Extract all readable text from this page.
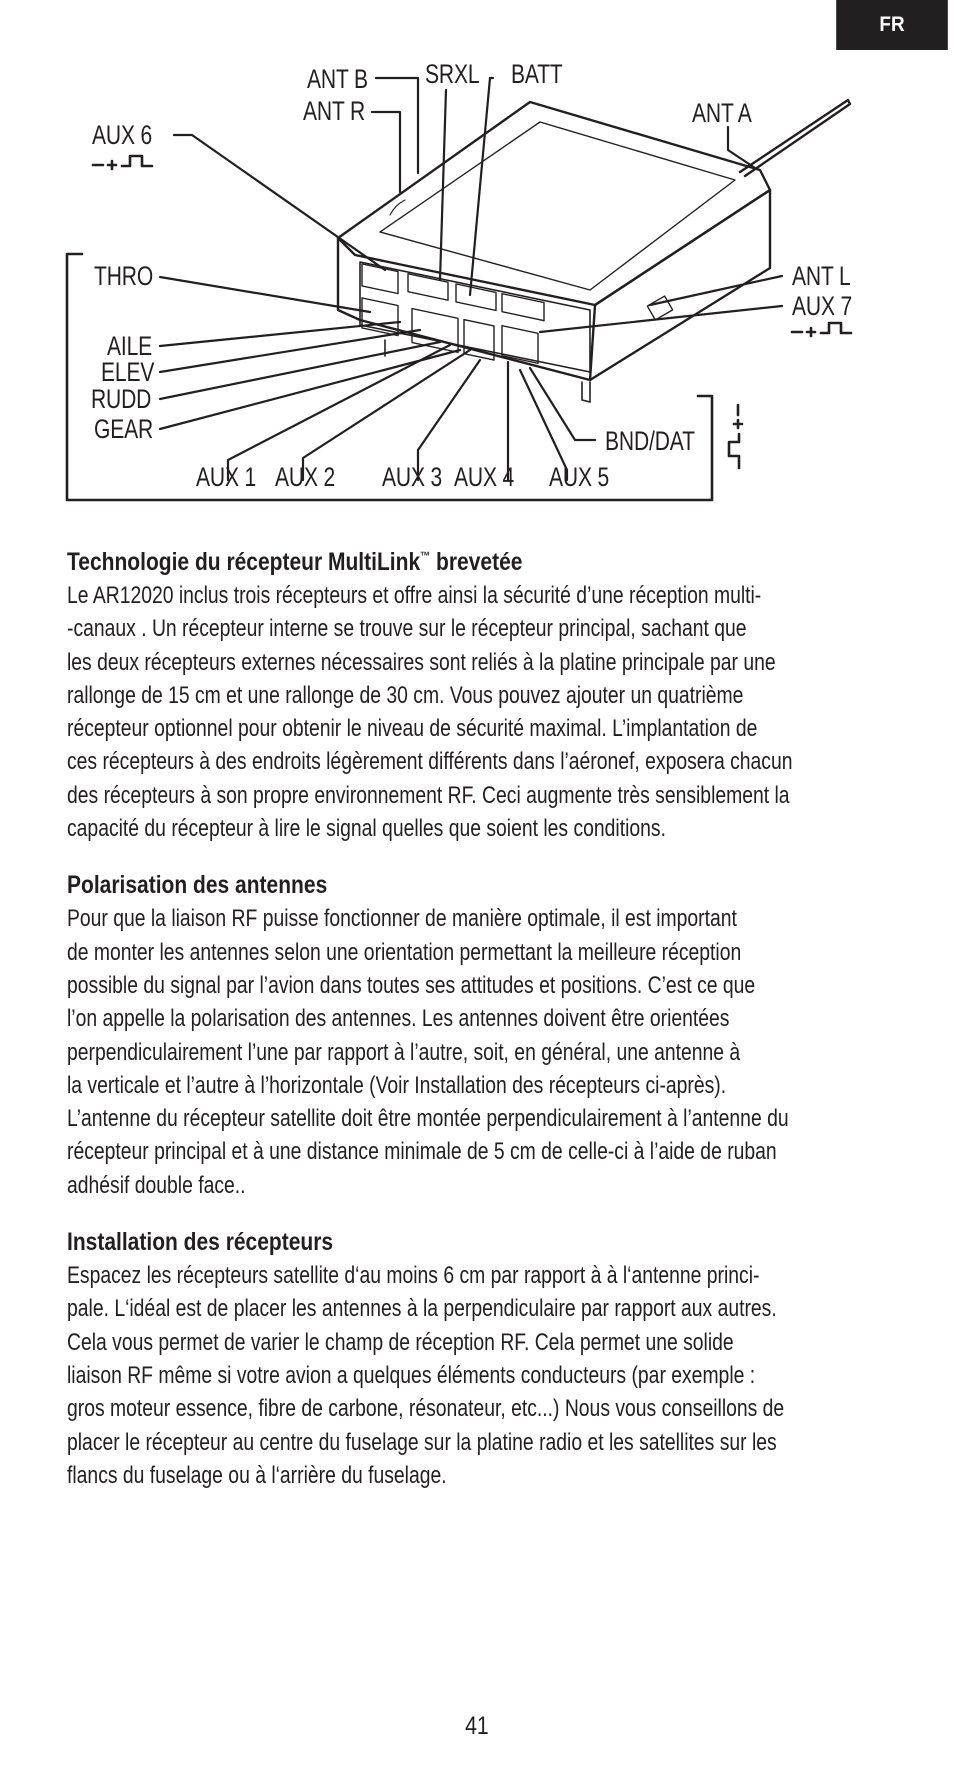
FR
ANT B
ANT R
SRXL BATT
ANT A
AUX 6
THRO
AILE
ELEV
RUDD
GEAR
ANT L
AUX 7
BND/DAT
AUX 1 AUX 2 AUX 3 AUX 4 AUX 5
Technologie du récepteur MultiLink™ brevetée
Le AR12020 inclus trois récepteurs et offre ainsi la sécurité d’une réception multi-
-canaux . Un récepteur interne se trouve sur le récepteur principal, sachant que
les deux récepteurs externes nécessaires sont reliés à la platine principale par une
rallonge de 15 cm et une rallonge de 30 cm. Vous pouvez ajouter un quatrième
récepteur optionnel pour obtenir le niveau de sécurité maximal. L’implantation de
ces récepteurs à des endroits légèrement différents dans l’aéronef, exposera chacun
des récepteurs à son propre environnement RF. Ceci augmente très sensiblement la
capacité du récepteur à lire le signal quelles que soient les conditions.
Polarisation des antennes
Pour que la liaison RF puisse fonctionner de manière optimale, il est important
de monter les antennes selon une orientation permettant la meilleure réception
possible du signal par l’avion dans toutes ses attitudes et positions. C’est ce que
l’on appelle la polarisation des antennes. Les antennes doivent être orientées
perpendiculairement l’une par rapport à l’autre, soit, en général, une antenne à
la verticale et l’autre à l’horizontale (Voir Installation des récepteurs ci-après).
L’antenne du récepteur satellite doit être montée perpendiculairement à l’antenne du
récepteur principal et à une distance minimale de 5 cm de celle-ci à l’aide de ruban
adhésif double face..
Installation des récepteurs
Espacez les récepteurs satellite d‘au moins 6 cm par rapport à à l‘antenne princi-
pale. L‘idéal est de placer les antennes à la perpendiculaire par rapport aux autres.
Cela vous permet de varier le champ de réception RF. Cela permet une solide
liaison RF même si votre avion a quelques éléments conducteurs (par exemple :
gros moteur essence, fibre de carbone, résonateur, etc...) Nous vous conseillons de
placer le récepteur au centre du fuselage sur la platine radio et les satellites sur les
flancs du fuselage ou à l‘arrière du fuselage.
41
